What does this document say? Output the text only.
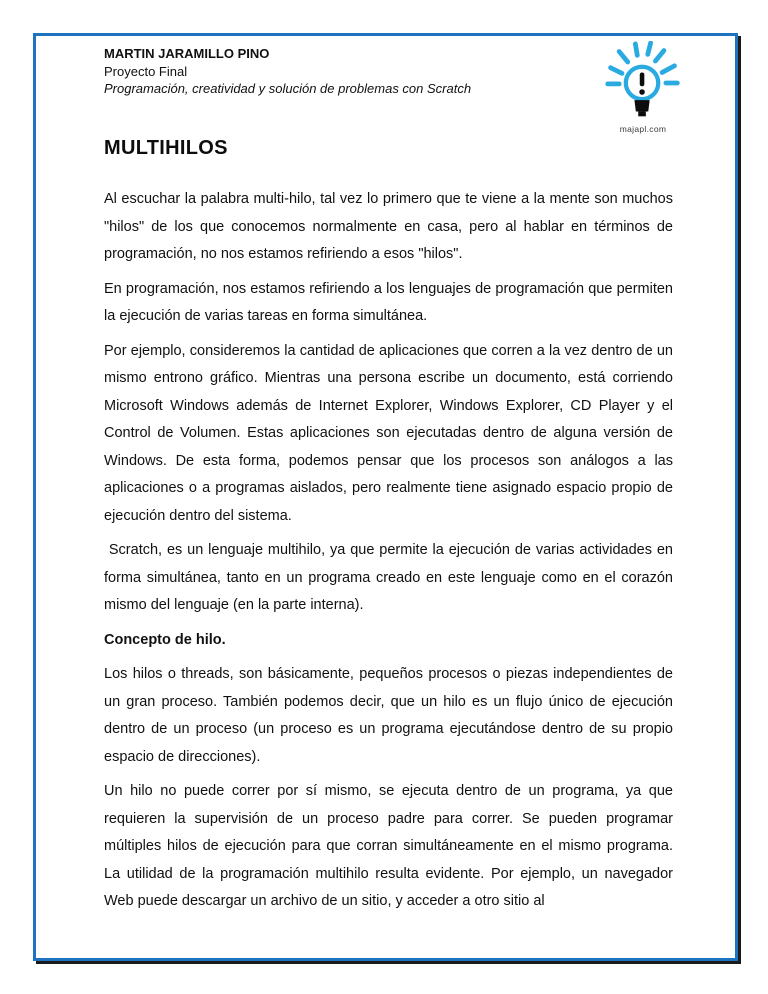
MARTIN JARAMILLO PINO
Proyecto Final
Programación, creatividad y solución de problemas con Scratch
majapl.com
MULTIHILOS

Al escuchar la palabra multi-hilo, tal vez lo primero que te viene a la mente son muchos "hilos" de los que conocemos normalmente en casa, pero al hablar en términos de programación, no nos estamos refiriendo a esos "hilos".

En programación, nos estamos refiriendo a los lenguajes de programación que permiten la ejecución de varias tareas en forma simultánea.

Por ejemplo, consideremos la cantidad de aplicaciones que corren a la vez dentro de un mismo entrono gráfico. Mientras una persona escribe un documento, está corriendo Microsoft Windows además de Internet Explorer, Windows Explorer, CD Player y el Control de Volumen. Estas aplicaciones son ejecutadas dentro de alguna versión de Windows. De esta forma, podemos pensar que los procesos son análogos a las aplicaciones o a programas aislados, pero realmente tiene asignado espacio propio de ejecución dentro del sistema.

Scratch, es un lenguaje multihilo, ya que permite la ejecución de varias actividades en forma simultánea, tanto en un programa creado en este lenguaje como en el corazón mismo del lenguaje (en la parte interna).

Concepto de hilo.

Los hilos o threads, son básicamente, pequeños procesos o piezas independientes de un gran proceso. También podemos decir, que un hilo es un flujo único de ejecución dentro de un proceso (un proceso es un programa ejecutándose dentro de su propio espacio de direcciones).

Un hilo no puede correr por sí mismo, se ejecuta dentro de un programa, ya que requieren la supervisión de un proceso padre para correr. Se pueden programar múltiples hilos de ejecución para que corran simultáneamente en el mismo programa. La utilidad de la programación multihilo resulta evidente. Por ejemplo, un navegador Web puede descargar un archivo de un sitio, y acceder a otro sitio al
